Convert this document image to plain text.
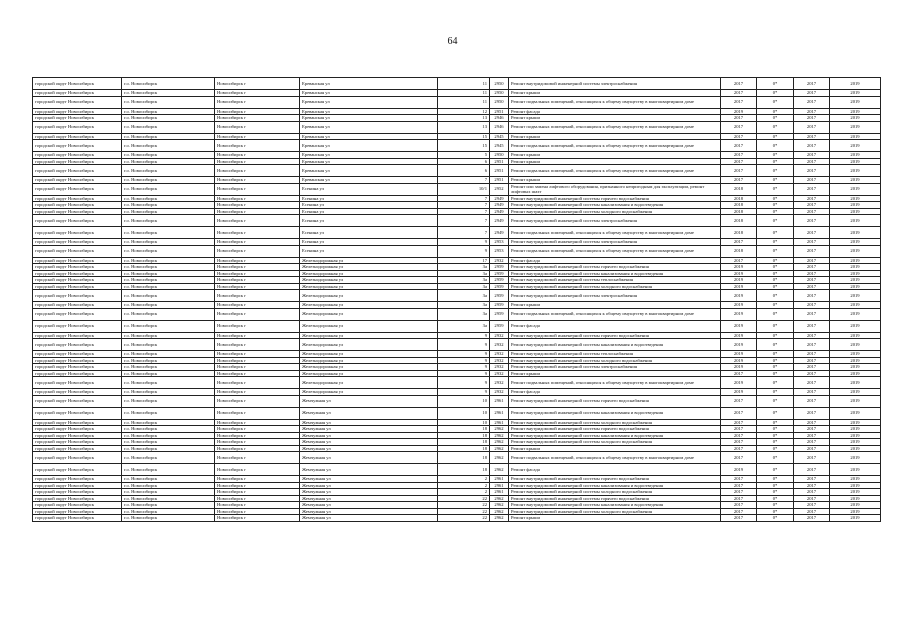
64
городской округ Новосибирск	г.о. Новосибирск	Новосибирск г	Ереванская ул	11	2950	Ремонт внутридомовой инженерной системы электроснабжения	2017	0*	2017	2019
городской округ Новосибирск	г.о. Новосибирск	Новосибирск г	Ереванская ул	11	2950	Ремонт крыши	2017	0*	2017	2019
городской округ Новосибирск	г.о. Новосибирск	Новосибирск г	Ереванская ул	11	2950	Ремонт подвальных помещений, относящихся к общему имуществу в многоквартирном доме	2017	0*	2017	2019
городской округ Новосибирск	г.о. Новосибирск	Новосибирск г	Ереванская ул	12	2951	Ремонт фасада	2019	0*	2017	2019
городской округ Новосибирск	г.о. Новосибирск	Новосибирск г	Ереванская ул	13	2946	Ремонт крыши	2017	0*	2017	2019
городской округ Новосибирск	г.о. Новосибирск	Новосибирск г	Ереванская ул	13	2946	Ремонт подвальных помещений, относящихся к общему имуществу в многоквартирном доме	2017	0*	2017	2019
городской округ Новосибирск	г.о. Новосибирск	Новосибирск г	Ереванская ул	15	2945	Ремонт крыши	2017	0*	2017	2019
городской округ Новосибирск	г.о. Новосибирск	Новосибирск г	Ереванская ул	15	2945	Ремонт подвальных помещений, относящихся к общему имуществу в многоквартирном доме	2017	0*	2017	2019
городской округ Новосибирск	г.о. Новосибирск	Новосибирск г	Ереванская ул	5	2950	Ремонт крыши	2017	0*	2017	2019
городской округ Новосибирск	г.о. Новосибирск	Новосибирск г	Ереванская ул	6	2951	Ремонт крыши	2017	0*	2017	2019
городской округ Новосибирск	г.о. Новосибирск	Новосибирск г	Ереванская ул	6	2951	Ремонт подвальных помещений, относящихся к общему имуществу в многоквартирном доме	2017	0*	2017	2019
городской округ Новосибирск	г.о. Новосибирск	Новосибирск г	Ереванская ул	7	2951	Ремонт крыши	2017	0*	2017	2019
городской округ Новосибирск	г.о. Новосибирск	Новосибирск г	Есенина ул	10/1	2952	Ремонт или замена лифтового оборудования, признанного непригодным для эксплуатации, ремонт лифтовых шахт	2018	0*	2017	2019
городской округ Новосибирск	г.о. Новосибирск	Новосибирск г	Есенина ул	7	2949	Ремонт внутридомовой инженерной системы горячего водоснабжения	2018	0*	2017	2019
городской округ Новосибирск	г.о. Новосибирск	Новосибирск г	Есенина ул	7	2949	Ремонт внутридомовой инженерной системы канализования и водоотведения	2018	0*	2017	2019
городской округ Новосибирск	г.о. Новосибирск	Новосибирск г	Есенина ул	7	2949	Ремонт внутридомовой инженерной системы холодного водоснабжения	2018	0*	2017	2019
городской округ Новосибирск	г.о. Новосибирск	Новосибирск г	Есенина ул	7	2949	Ремонт внутридомовой инженерной системы электроснабжения	2018	0*	2017	2019
городской округ Новосибирск	г.о. Новосибирск	Новосибирск г	Есенина ул	7	2949	Ремонт подвальных помещений, относящихся к общему имуществу в многоквартирном доме	2018	0*	2017	2019
городской округ Новосибирск	г.о. Новосибирск	Новосибирск г	Есенина ул	9	2953	Ремонт внутридомовой инженерной системы электроснабжения	2017	0*	2017	2019
городской округ Новосибирск	г.о. Новосибирск	Новосибирск г	Есенина ул	9	2953	Ремонт подвальных помещений, относящихся к общему имуществу в многоквартирном доме	2018	0*	2017	2019
городской округ Новосибирск	г.о. Новосибирск	Новосибирск г	Железнодорожная ул	17	2932	Ремонт фасада	2017	0*	2017	2019
городской округ Новосибирск	г.о. Новосибирск	Новосибирск г	Железнодорожная ул	3а	2959	Ремонт внутридомовой инженерной системы горячего водоснабжения	2019	0*	2017	2019
городской округ Новосибирск	г.о. Новосибирск	Новосибирск г	Железнодорожная ул	3а	2959	Ремонт внутридомовой инженерной системы канализования и водоотведения	2019	0*	2017	2019
городской округ Новосибирск	г.о. Новосибирск	Новосибирск г	Железнодорожная ул	3а	2959	Ремонт внутридомовой инженерной системы теплоснабжения	2019	0*	2017	2019
городской округ Новосибирск	г.о. Новосибирск	Новосибирск г	Железнодорожная ул	3а	2959	Ремонт внутридомовой инженерной системы холодного водоснабжения	2019	0*	2017	2019
городской округ Новосибирск	г.о. Новосибирск	Новосибирск г	Железнодорожная ул	3а	2959	Ремонт внутридомовой инженерной системы электроснабжения	2019	0*	2017	2019
городской округ Новосибирск	г.о. Новосибирск	Новосибирск г	Железнодорожная ул	3а	2959	Ремонт крыши	2019	0*	2017	2019
городской округ Новосибирск	г.о. Новосибирск	Новосибирск г	Железнодорожная ул	3а	2959	Ремонт подвальных помещений, относящихся к общему имуществу в многоквартирном доме	2019	0*	2017	2019
городской округ Новосибирск	г.о. Новосибирск	Новосибирск г	Железнодорожная ул	3а	2959	Ремонт фасада	2019	0*	2017	2019
городской округ Новосибирск	г.о. Новосибирск	Новосибирск г	Железнодорожная ул	9	2932	Ремонт внутридомовой инженерной системы горячего водоснабжения	2019	0*	2017	2019
городской округ Новосибирск	г.о. Новосибирск	Новосибирск г	Железнодорожная ул	9	2932	Ремонт внутридомовой инженерной системы канализования и водоотведения	2019	0*	2017	2019
городской округ Новосибирск	г.о. Новосибирск	Новосибирск г	Железнодорожная ул	9	2932	Ремонт внутридомовой инженерной системы теплоснабжения	2019	0*	2017	2019
городской округ Новосибирск	г.о. Новосибирск	Новосибирск г	Железнодорожная ул	9	2932	Ремонт внутридомовой инженерной системы холодного водоснабжения	2019	0*	2017	2019
городской округ Новосибирск	г.о. Новосибирск	Новосибирск г	Железнодорожная ул	9	2932	Ремонт внутридомовой инженерной системы электроснабжения	2019	0*	2017	2019
городской округ Новосибирск	г.о. Новосибирск	Новосибирск г	Железнодорожная ул	9	2932	Ремонт крыши	2017	0*	2017	2019
городской округ Новосибирск	г.о. Новосибирск	Новосибирск г	Железнодорожная ул	9	2932	Ремонт подвальных помещений, относящихся к общему имуществу в многоквартирном доме	2019	0*	2017	2019
городской округ Новосибирск	г.о. Новосибирск	Новосибирск г	Железнодорожная ул	9	2932	Ремонт фасада	2019	0*	2017	2019
городской округ Новосибирск	г.о. Новосибирск	Новосибирск г	Жемчужная ул	10	2961	Ремонт внутридомовой инженерной системы горячего водоснабжения	2017	0*	2017	2019
городской округ Новосибирск	г.о. Новосибирск	Новосибирск г	Жемчужная ул	10	2961	Ремонт внутридомовой инженерной системы канализования и водоотведения	2017	0*	2017	2019
городской округ Новосибирск	г.о. Новосибирск	Новосибирск г	Жемчужная ул	10	2961	Ремонт внутридомовой инженерной системы холодного водоснабжения	2017	0*	2017	2019
городской округ Новосибирск	г.о. Новосибирск	Новосибирск г	Жемчужная ул	18	2962	Ремонт внутридомовой инженерной системы горячего водоснабжения	2017	0*	2017	2019
городской округ Новосибирск	г.о. Новосибирск	Новосибирск г	Жемчужная ул	18	2962	Ремонт внутридомовой инженерной системы канализования и водоотведения	2017	0*	2017	2019
городской округ Новосибирск	г.о. Новосибирск	Новосибирск г	Жемчужная ул	18	2962	Ремонт внутридомовой инженерной системы холодного водоснабжения	2017	0*	2017	2019
городской округ Новосибирск	г.о. Новосибирск	Новосибирск г	Жемчужная ул	18	2962	Ремонт крыши	2017	0*	2017	2019
городской округ Новосибирск	г.о. Новосибирск	Новосибирск г	Жемчужная ул	18	2962	Ремонт подвальных помещений, относящихся к общему имуществу в многоквартирном доме	2017	0*	2017	2019
городской округ Новосибирск	г.о. Новосибирск	Новосибирск г	Жемчужная ул	18	2962	Ремонт фасада	2019	0*	2017	2019
городской округ Новосибирск	г.о. Новосибирск	Новосибирск г	Жемчужная ул	2	2961	Ремонт внутридомовой инженерной системы горячего водоснабжения	2017	0*	2017	2019
городской округ Новосибирск	г.о. Новосибирск	Новосибирск г	Жемчужная ул	2	2961	Ремонт внутридомовой инженерной системы канализования и водоотведения	2017	0*	2017	2019
городской округ Новосибирск	г.о. Новосибирск	Новосибирск г	Жемчужная ул	2	2961	Ремонт внутридомовой инженерной системы холодного водоснабжения	2017	0*	2017	2019
городской округ Новосибирск	г.о. Новосибирск	Новосибирск г	Жемчужная ул	22	2962	Ремонт внутридомовой инженерной системы горячего водоснабжения	2017	0*	2017	2019
городской округ Новосибирск	г.о. Новосибирск	Новосибирск г	Жемчужная ул	22	2962	Ремонт внутридомовой инженерной системы канализования и водоотведения	2017	0*	2017	2019
городской округ Новосибирск	г.о. Новосибирск	Новосибирск г	Жемчужная ул	22	2962	Ремонт внутридомовой инженерной системы холодного водоснабжения	2017	0*	2017	2019
городской округ Новосибирск	г.о. Новосибирск	Новосибирск г	Жемчужная ул	22	2962	Ремонт крыши	2017	0*	2017	2019
